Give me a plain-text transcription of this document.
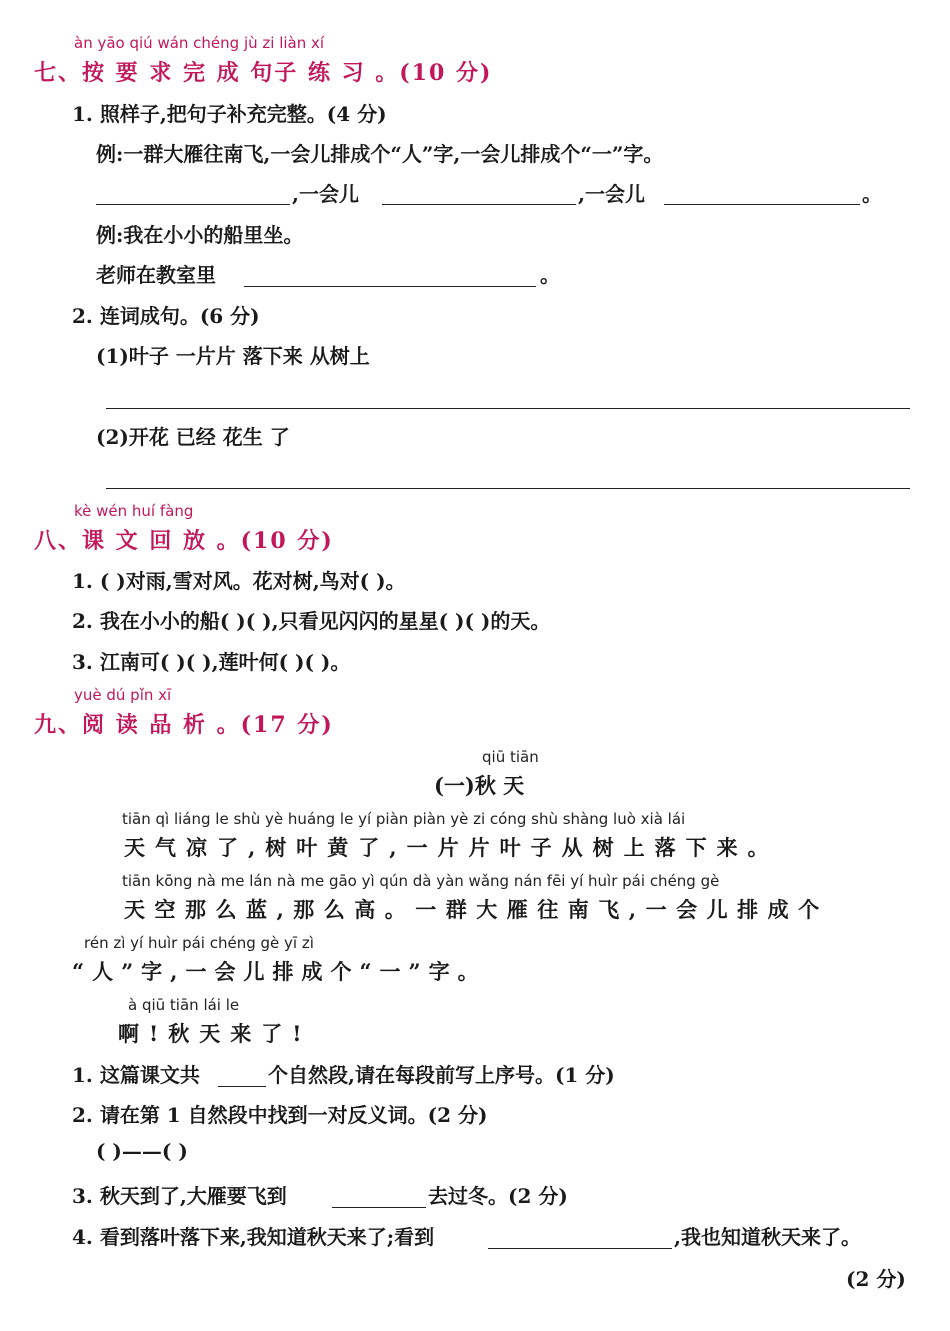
àn yāo qiú wán chéng jù zi liàn xí
七、按 要 求 完 成 句子 练 习 。(10 分)
1. 照样子,把句子补充完整。(4 分)
例:一群大雁往南飞,一会儿排成个“人”字,一会儿排成个“一”字。
,一会儿	,一会儿	。
例:我在小小的船里坐。
老师在教室里	。
2. 连词成句。(6 分)
(1)叶子 一片片 落下来 从树上
(2)开花 已经 花生 了
kè wén huí fàng
八、课 文 回 放 。(10 分)
1. ( )对雨,雪对风。花对树,鸟对( )。
2. 我在小小的船( )( ),只看见闪闪的星星( )( )的天。
3. 江南可( )( ),莲叶何( )( )。
yuè dú pǐn xī
九、阅 读 品 析 。(17 分)
qiū tiān
(一)秋 天
tiān qì liáng le shù yè huáng le yí piàn piàn yè zi cóng shù shàng luò xià lái
天气凉了,树叶黄了,一片片叶子从树上落下来。
tiān kōng nà me lán nà me gāo yì qún dà yàn wǎng nán fēi yí huìr pái chéng gè
天空那么蓝,那么高。一群大雁往南飞,一会儿排成个
rén zì yí huìr pái chéng gè yī zì
“人”字,一会儿排成个“一”字。
à qiū tiān lái le
啊!秋天来了!
1. 这篇课文共	个自然段,请在每段前写上序号。(1 分)
2. 请在第 1 自然段中找到一对反义词。(2 分)
( )——( )
3. 秋天到了,大雁要飞到	去过冬。(2 分)
4. 看到落叶落下来,我知道秋天来了;看到	,我也知道秋天来了。
(2 分)
